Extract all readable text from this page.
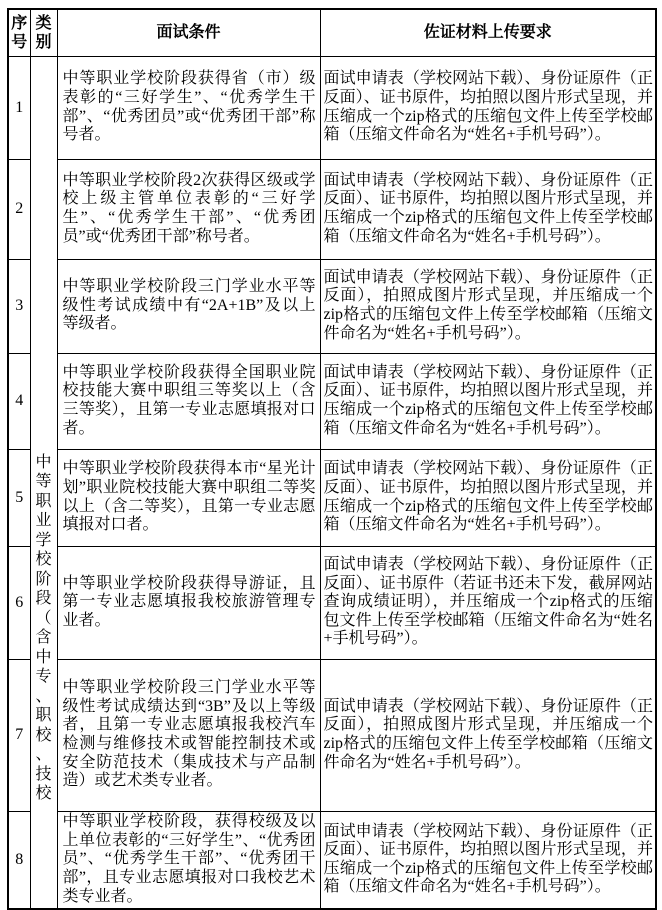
序号	类别	面试条件	佐证材料上传要求
1	中等职业学校阶段（含中专、职校、技校	中等职业学校阶段获得省（市）级表彰的“三好学生”、“优秀学生干部”、“优秀团员”或“优秀团干部”称号者。	面试申请表（学校网站下载）、身份证原件（正反面）、证书原件，均拍照以图片形式呈现，并压缩成一个zip格式的压缩包文件上传至学校邮箱（压缩文件命名为“姓名+手机号码”）。
2		中等职业学校阶段2次获得区级或学校上级主管单位表彰的“三好学生”、“优秀学生干部”、“优秀团员”或“优秀团干部”称号者。	面试申请表（学校网站下载）、身份证原件（正反面）、证书原件，均拍照以图片形式呈现，并压缩成一个zip格式的压缩包文件上传至学校邮箱（压缩文件命名为“姓名+手机号码”）。
3		中等职业学校阶段三门学业水平等级性考试成绩中有“2A+1B”及以上等级者。	面试申请表（学校网站下载）、身份证原件（正反面），拍照成图片形式呈现，并压缩成一个zip格式的压缩包文件上传至学校邮箱（压缩文件命名为“姓名+手机号码”）。
4		中等职业学校阶段获得全国职业院校技能大赛中职组三等奖以上（含三等奖），且第一专业志愿填报对口者。	面试申请表（学校网站下载）、身份证原件（正反面）、证书原件，均拍照以图片形式呈现，并压缩成一个zip格式的压缩包文件上传至学校邮箱（压缩文件命名为“姓名+手机号码”）。
5		中等职业学校阶段获得本市“星光计划”职业院校技能大赛中职组二等奖以上（含二等奖），且第一专业志愿填报对口者。	面试申请表（学校网站下载）、身份证原件（正反面）、证书原件，均拍照以图片形式呈现，并压缩成一个zip格式的压缩包文件上传至学校邮箱（压缩文件命名为“姓名+手机号码”）。
6		中等职业学校阶段获得导游证，且第一专业志愿填报我校旅游管理专业者。	面试申请表（学校网站下载）、身份证原件（正反面）、证书原件（若证书还未下发，截屏网站查询成绩证明），并压缩成一个zip格式的压缩包文件上传至学校邮箱（压缩文件命名为“姓名+手机号码”）。
7		中等职业学校阶段三门学业水平等级性考试成绩达到“3B”及以上等级者，且第一专业志愿填报我校汽车检测与维修技术或智能控制技术或安全防范技术（集成技术与产品制造）或艺术类专业者。	面试申请表（学校网站下载）、身份证原件（正反面），拍照成图片形式呈现，并压缩成一个zip格式的压缩包文件上传至学校邮箱（压缩文件命名为“姓名+手机号码”）。
8		中等职业学校阶段，获得校级及以上单位表彰的“三好学生”、“优秀团员”、“优秀学生干部”、“优秀团干部”，且专业志愿填报对口我校艺术类专业者。	面试申请表（学校网站下载）、身份证原件（正反面）、证书原件，均拍照以图片形式呈现，并压缩成一个zip格式的压缩包文件上传至学校邮箱（压缩文件命名为“姓名+手机号码”）。
